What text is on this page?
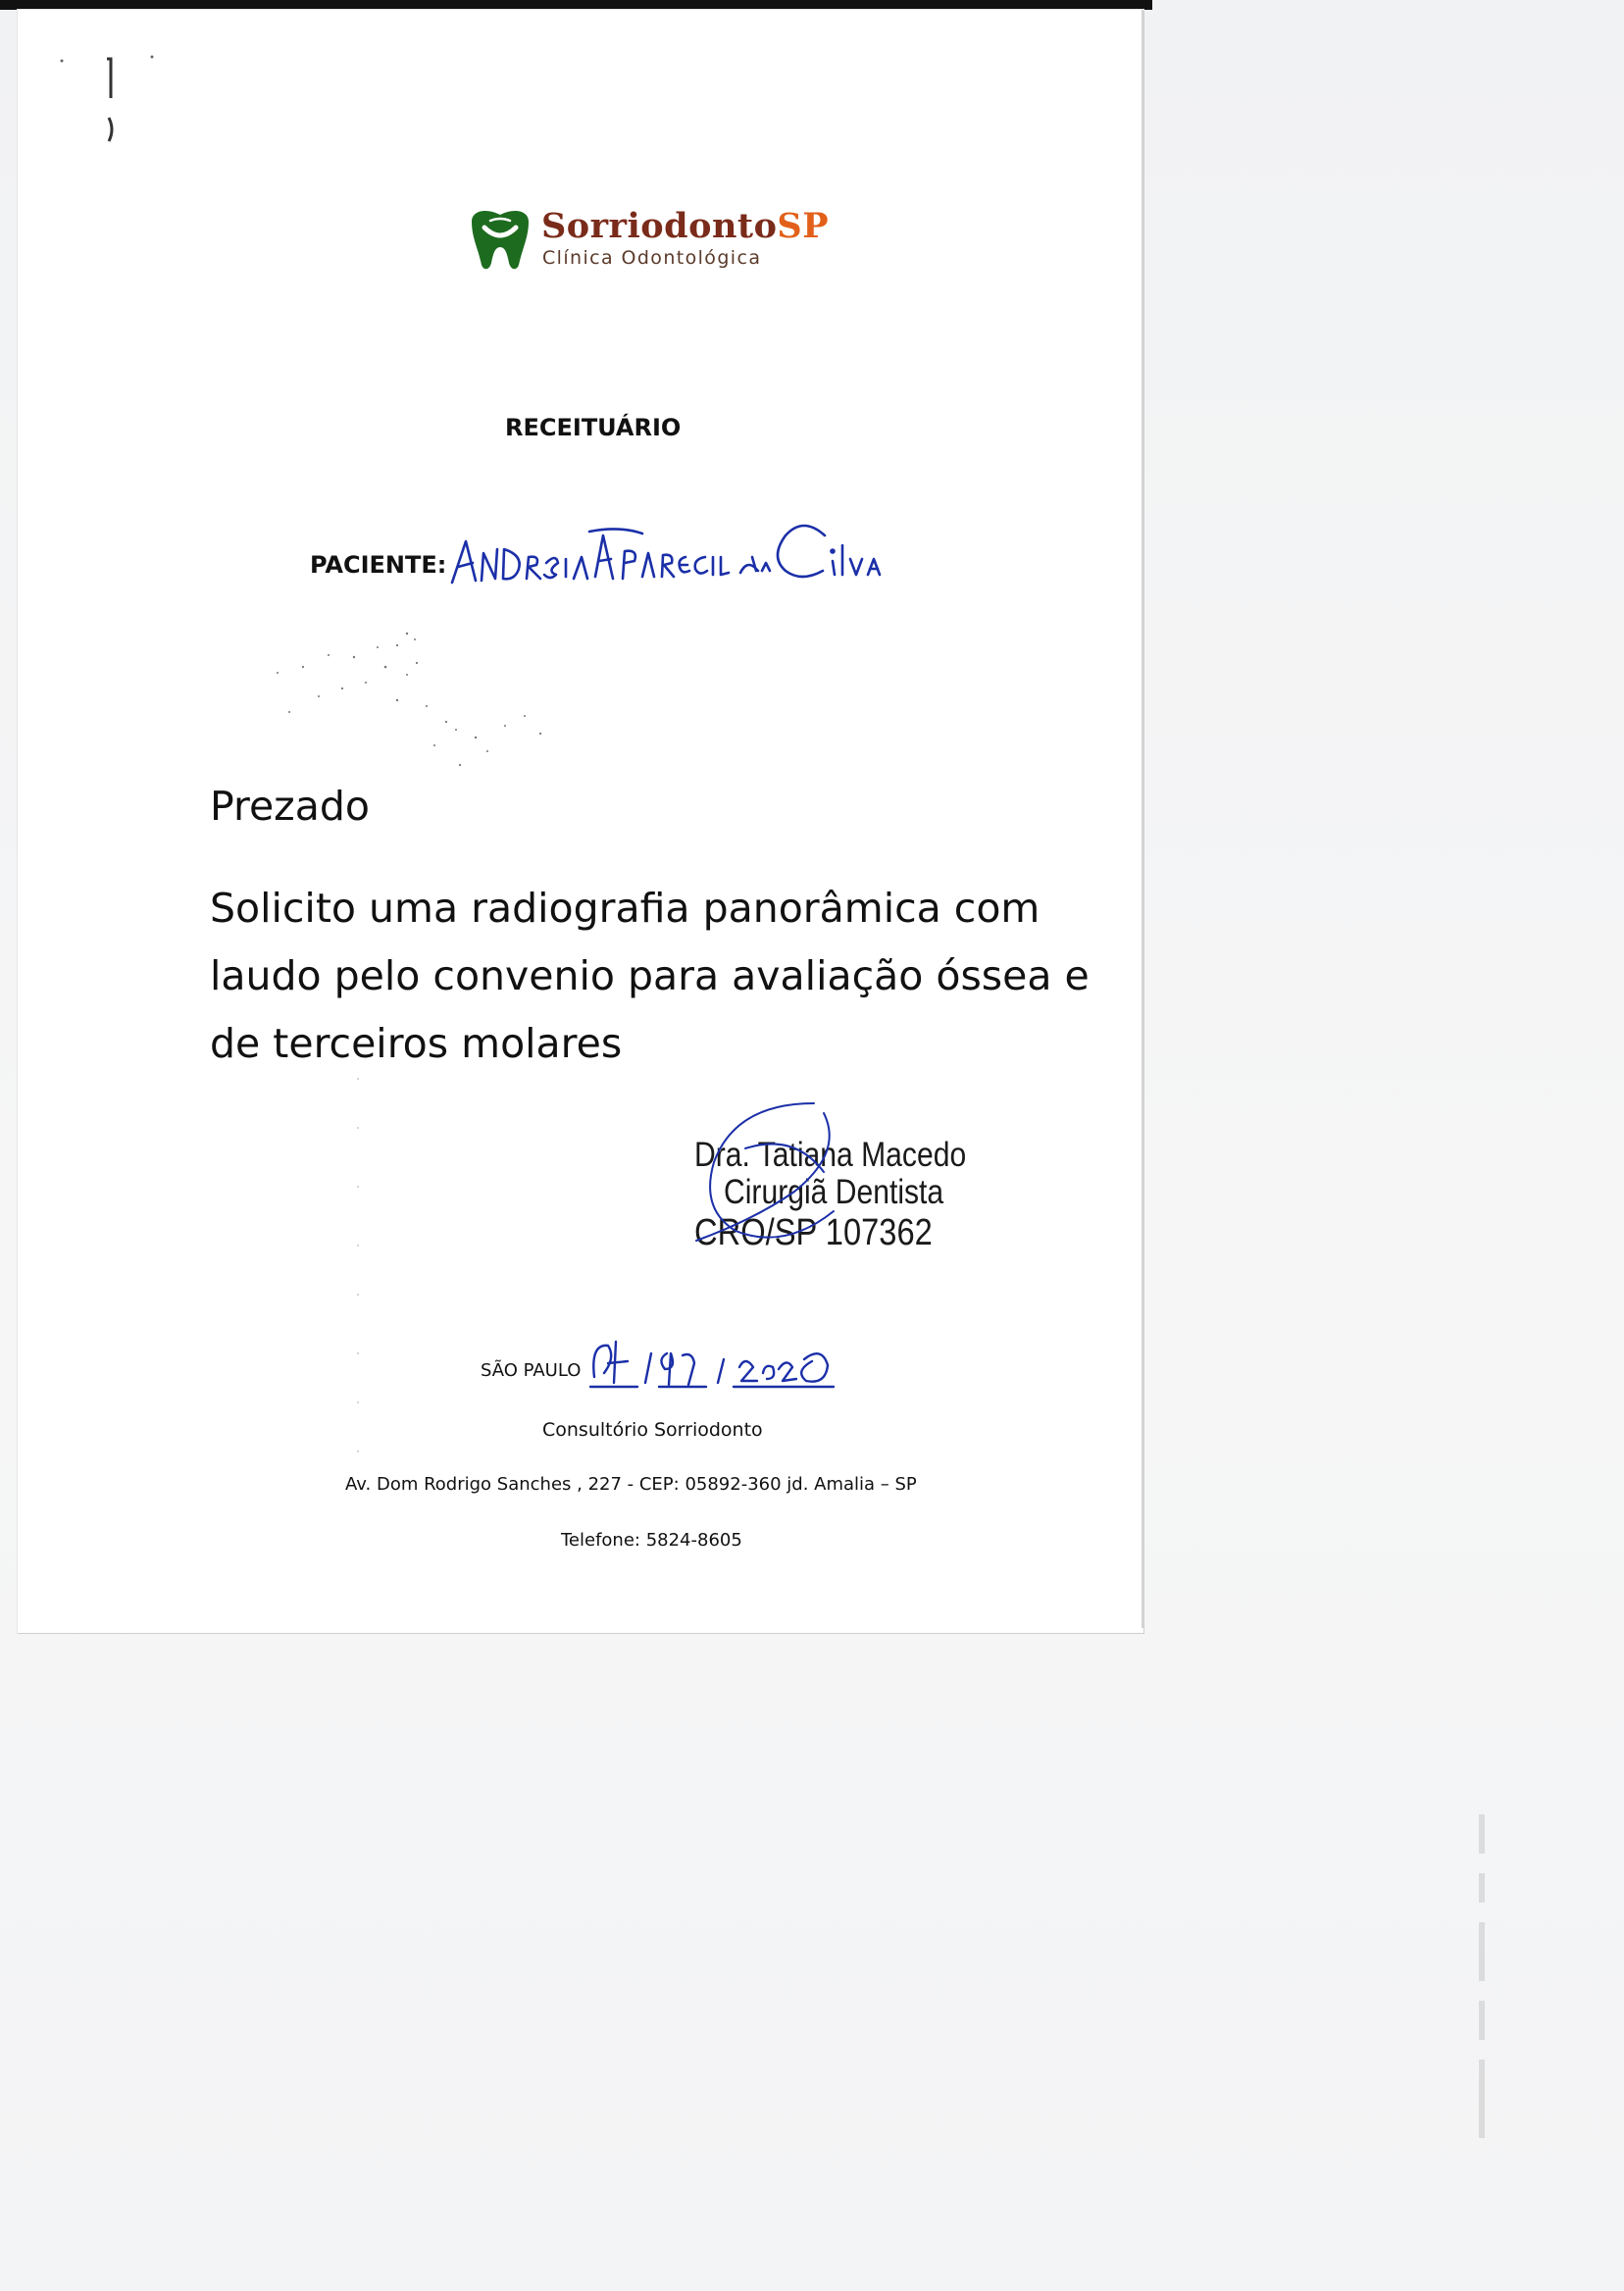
SorriodontoSP
Clínica Odontológica
RECEITUÁRIO
PACIENTE:
Prezado
Solicito uma radiografia panorâmica com
laudo pelo convenio para avaliação óssea e
de terceiros molares
Dra. Tatiana Macedo
Cirurgiã Dentista
CRO/SP 107362
SÃO PAULO
Consultório Sorriodonto
Av. Dom Rodrigo Sanches , 227 - CEP: 05892-360 jd. Amalia – SP
Telefone: 5824-8605
